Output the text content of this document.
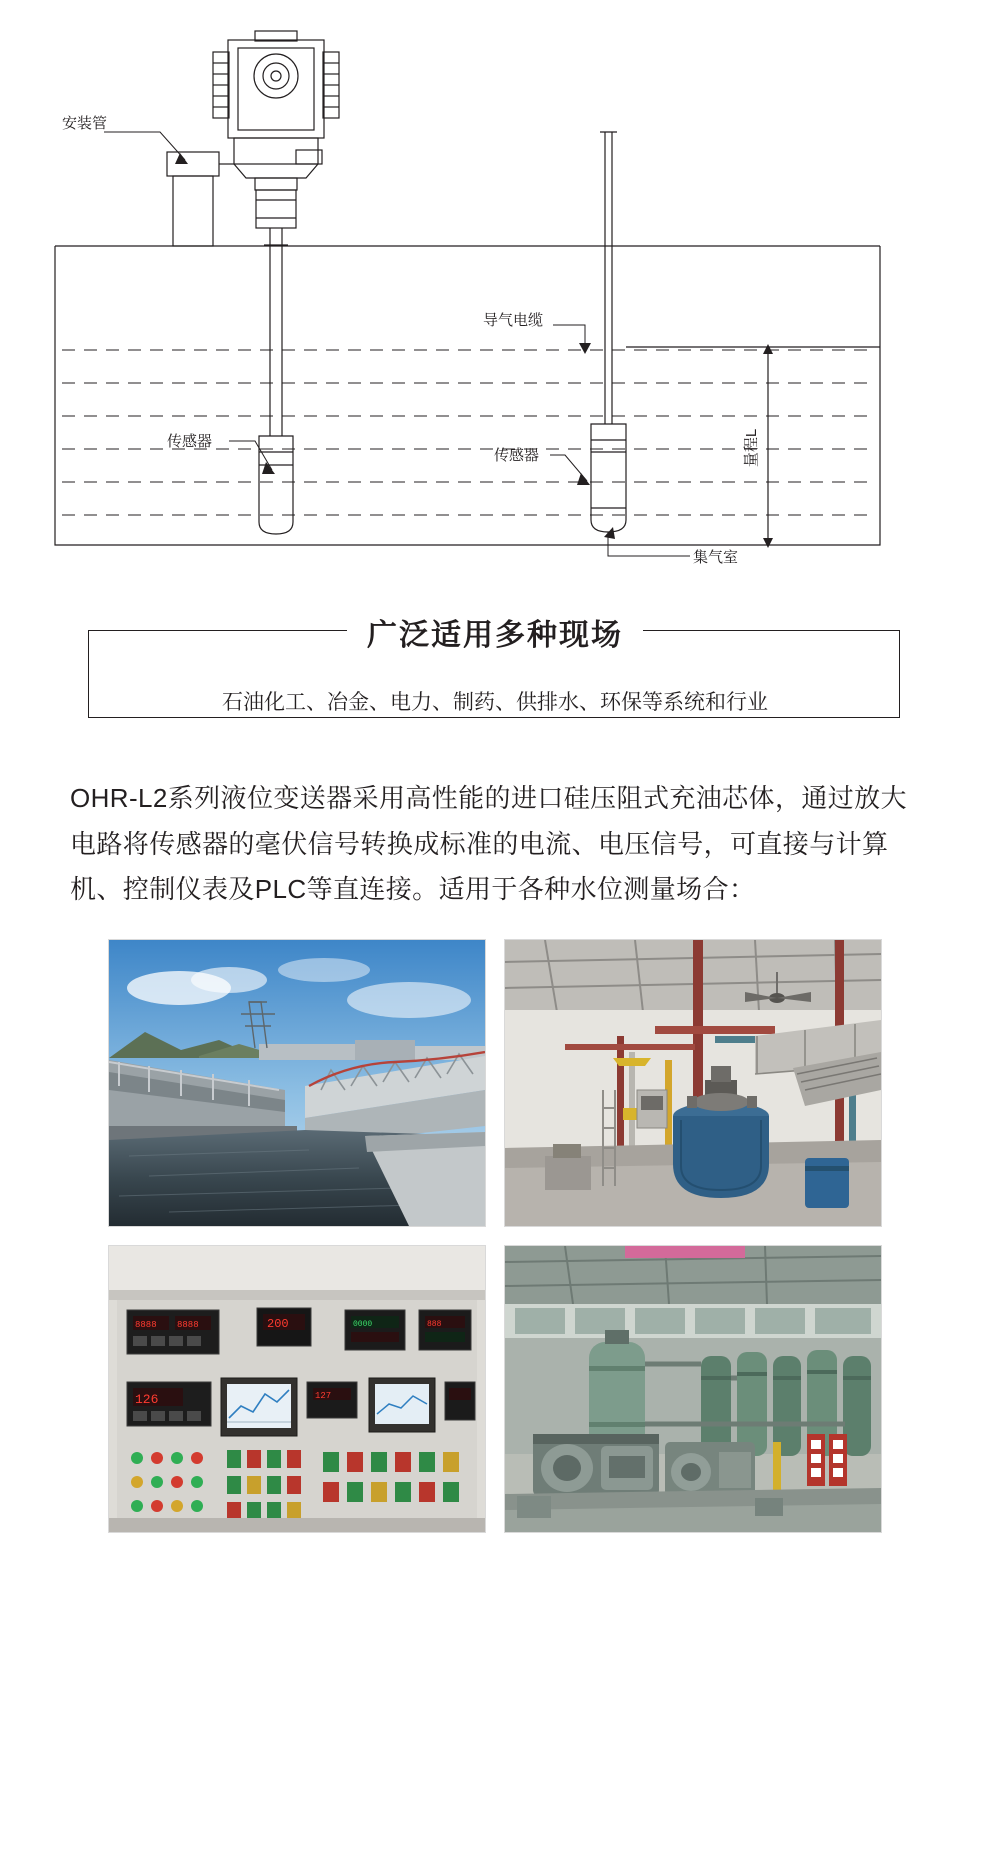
安装管
导气电缆
传感器
传感器
集气室
量程L
广泛适用多种现场
石油化工、冶金、电力、制药、供排水、环保等系统和行业
OHR-L2系列液位变送器采用高性能的进口硅压阻式充油芯体，通过放大电路将传感器的毫伏信号转换成标准的电流、电压信号，可直接与计算机、控制仪表及PLC等直连接。适用于各种水位测量场合：
8888 8888	200	0000	888
126	127
